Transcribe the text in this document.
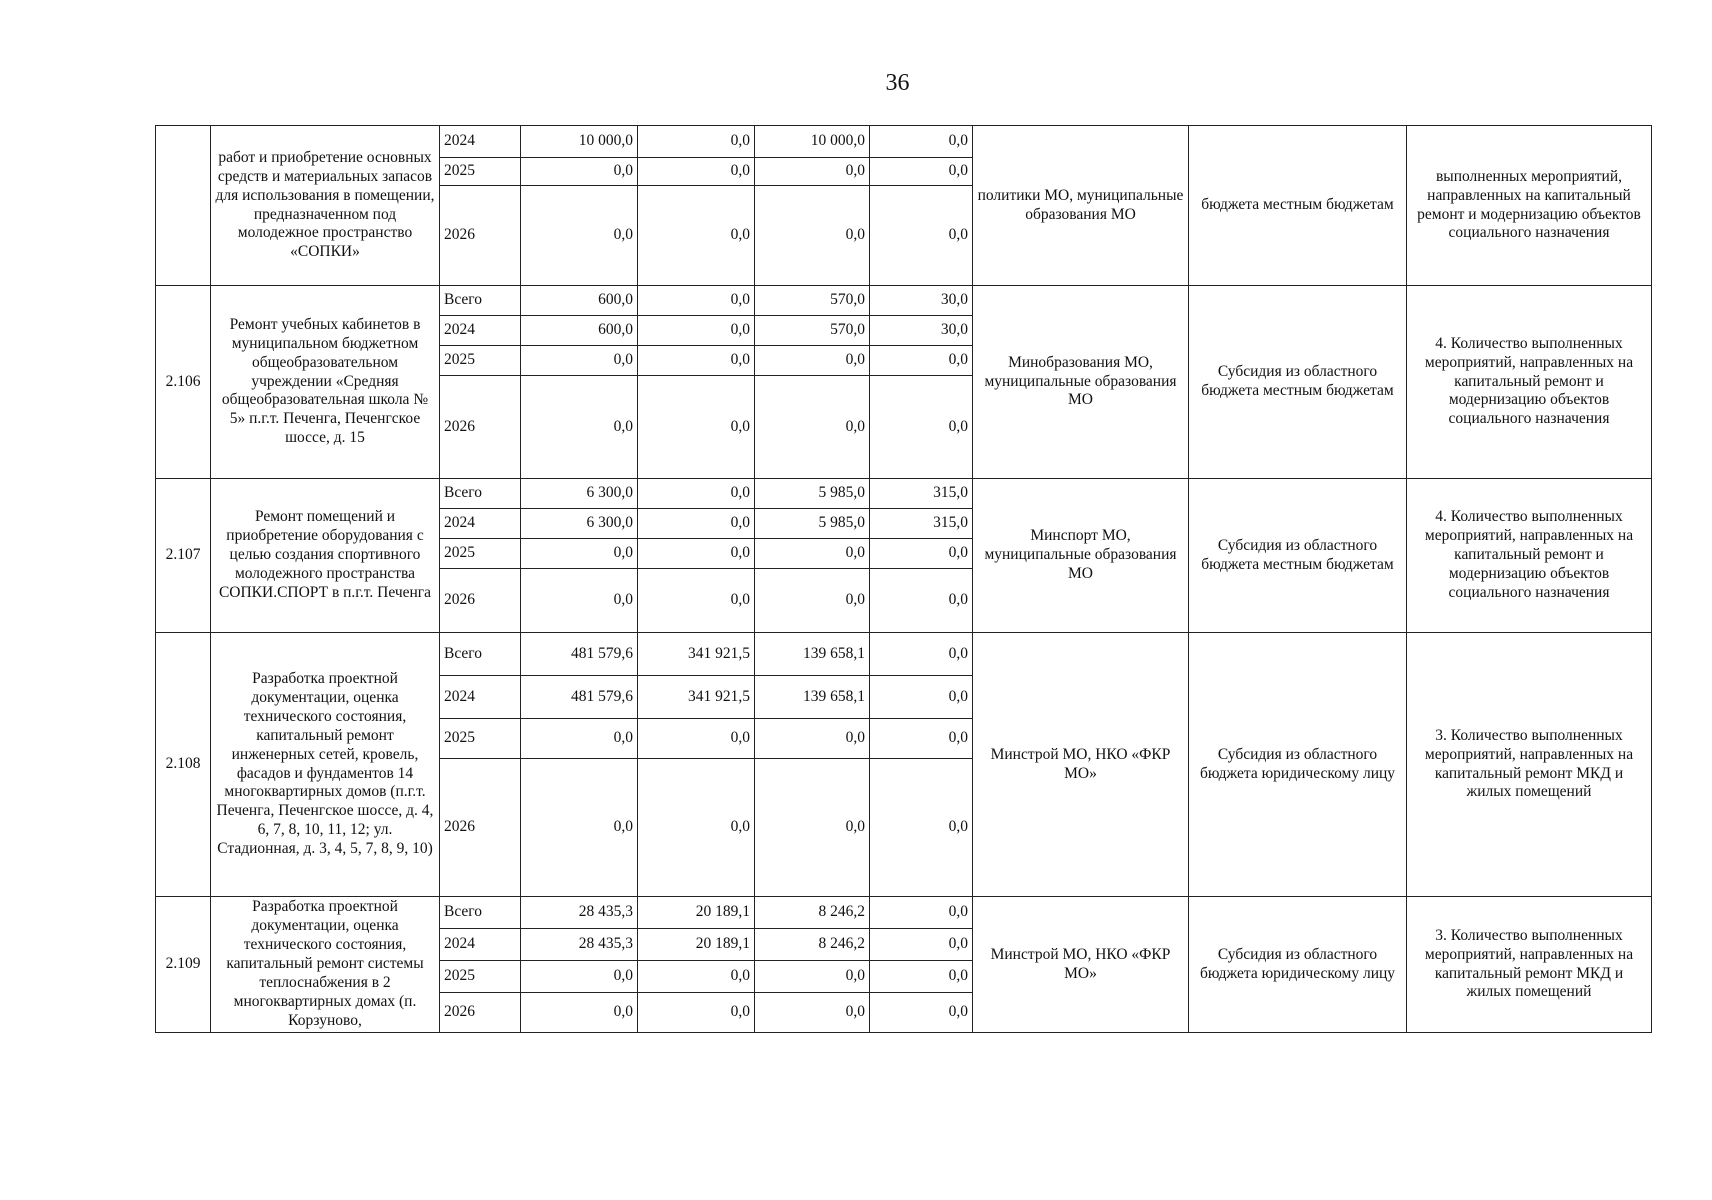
36
	работ и приобретение основных средств и материальных запасов для использования в помещении, предназначенном под молодежное пространство «СОПКИ»	2024	10 000,0	0,0	10 000,0	0,0	политики МО, муниципальные образования МО	бюджета местным бюджетам	выполненных мероприятий, направленных на капитальный ремонт и модернизацию объектов социального назначения
		2025	0,0	0,0	0,0	0,0			
		2026	0,0	0,0	0,0	0,0			
2.106	Ремонт учебных кабинетов в муниципальном бюджетном общеобразовательном учреждении «Средняя общеобразовательная школа № 5» п.г.т. Печенга, Печенгское шоссе, д. 15	Всего	600,0	0,0	570,0	30,0	Минобразования МО, муниципальные образования МО	Субсидия из областного бюджета местным бюджетам	4. Количество выполненных мероприятий, направленных на капитальный ремонт и модернизацию объектов социального назначения
		2024	600,0	0,0	570,0	30,0			
		2025	0,0	0,0	0,0	0,0			
		2026	0,0	0,0	0,0	0,0			
2.107	Ремонт помещений и приобретение оборудования с целью создания спортивного молодежного пространства СОПКИ.СПОРТ в п.г.т. Печенга	Всего	6 300,0	0,0	5 985,0	315,0	Минспорт МО, муниципальные образования МО	Субсидия из областного бюджета местным бюджетам	4. Количество выполненных мероприятий, направленных на капитальный ремонт и модернизацию объектов социального назначения
		2024	6 300,0	0,0	5 985,0	315,0			
		2025	0,0	0,0	0,0	0,0			
		2026	0,0	0,0	0,0	0,0			
2.108	Разработка проектной документации, оценка технического состояния, капитальный ремонт инженерных сетей, кровель, фасадов и фундаментов 14 многоквартирных домов (п.г.т. Печенга, Печенгское шоссе, д. 4, 6, 7, 8, 10, 11, 12; ул. Стадионная, д. 3, 4, 5, 7, 8, 9, 10)	Всего	481 579,6	341 921,5	139 658,1	0,0	Минстрой МО, НКО «ФКР МО»	Субсидия из областного бюджета юридическому лицу	3. Количество выполненных мероприятий, направленных на капитальный ремонт МКД и жилых помещений
		2024	481 579,6	341 921,5	139 658,1	0,0			
		2025	0,0	0,0	0,0	0,0			
		2026	0,0	0,0	0,0	0,0			
2.109	Разработка проектной документации, оценка технического состояния, капитальный ремонт системы теплоснабжения в 2 многоквартирных домах (п. Корзуново,	Всего	28 435,3	20 189,1	8 246,2	0,0	Минстрой МО, НКО «ФКР МО»	Субсидия из областного бюджета юридическому лицу	3. Количество выполненных мероприятий, направленных на капитальный ремонт МКД и жилых помещений
		2024	28 435,3	20 189,1	8 246,2	0,0			
		2025	0,0	0,0	0,0	0,0			
		2026	0,0	0,0	0,0	0,0			
